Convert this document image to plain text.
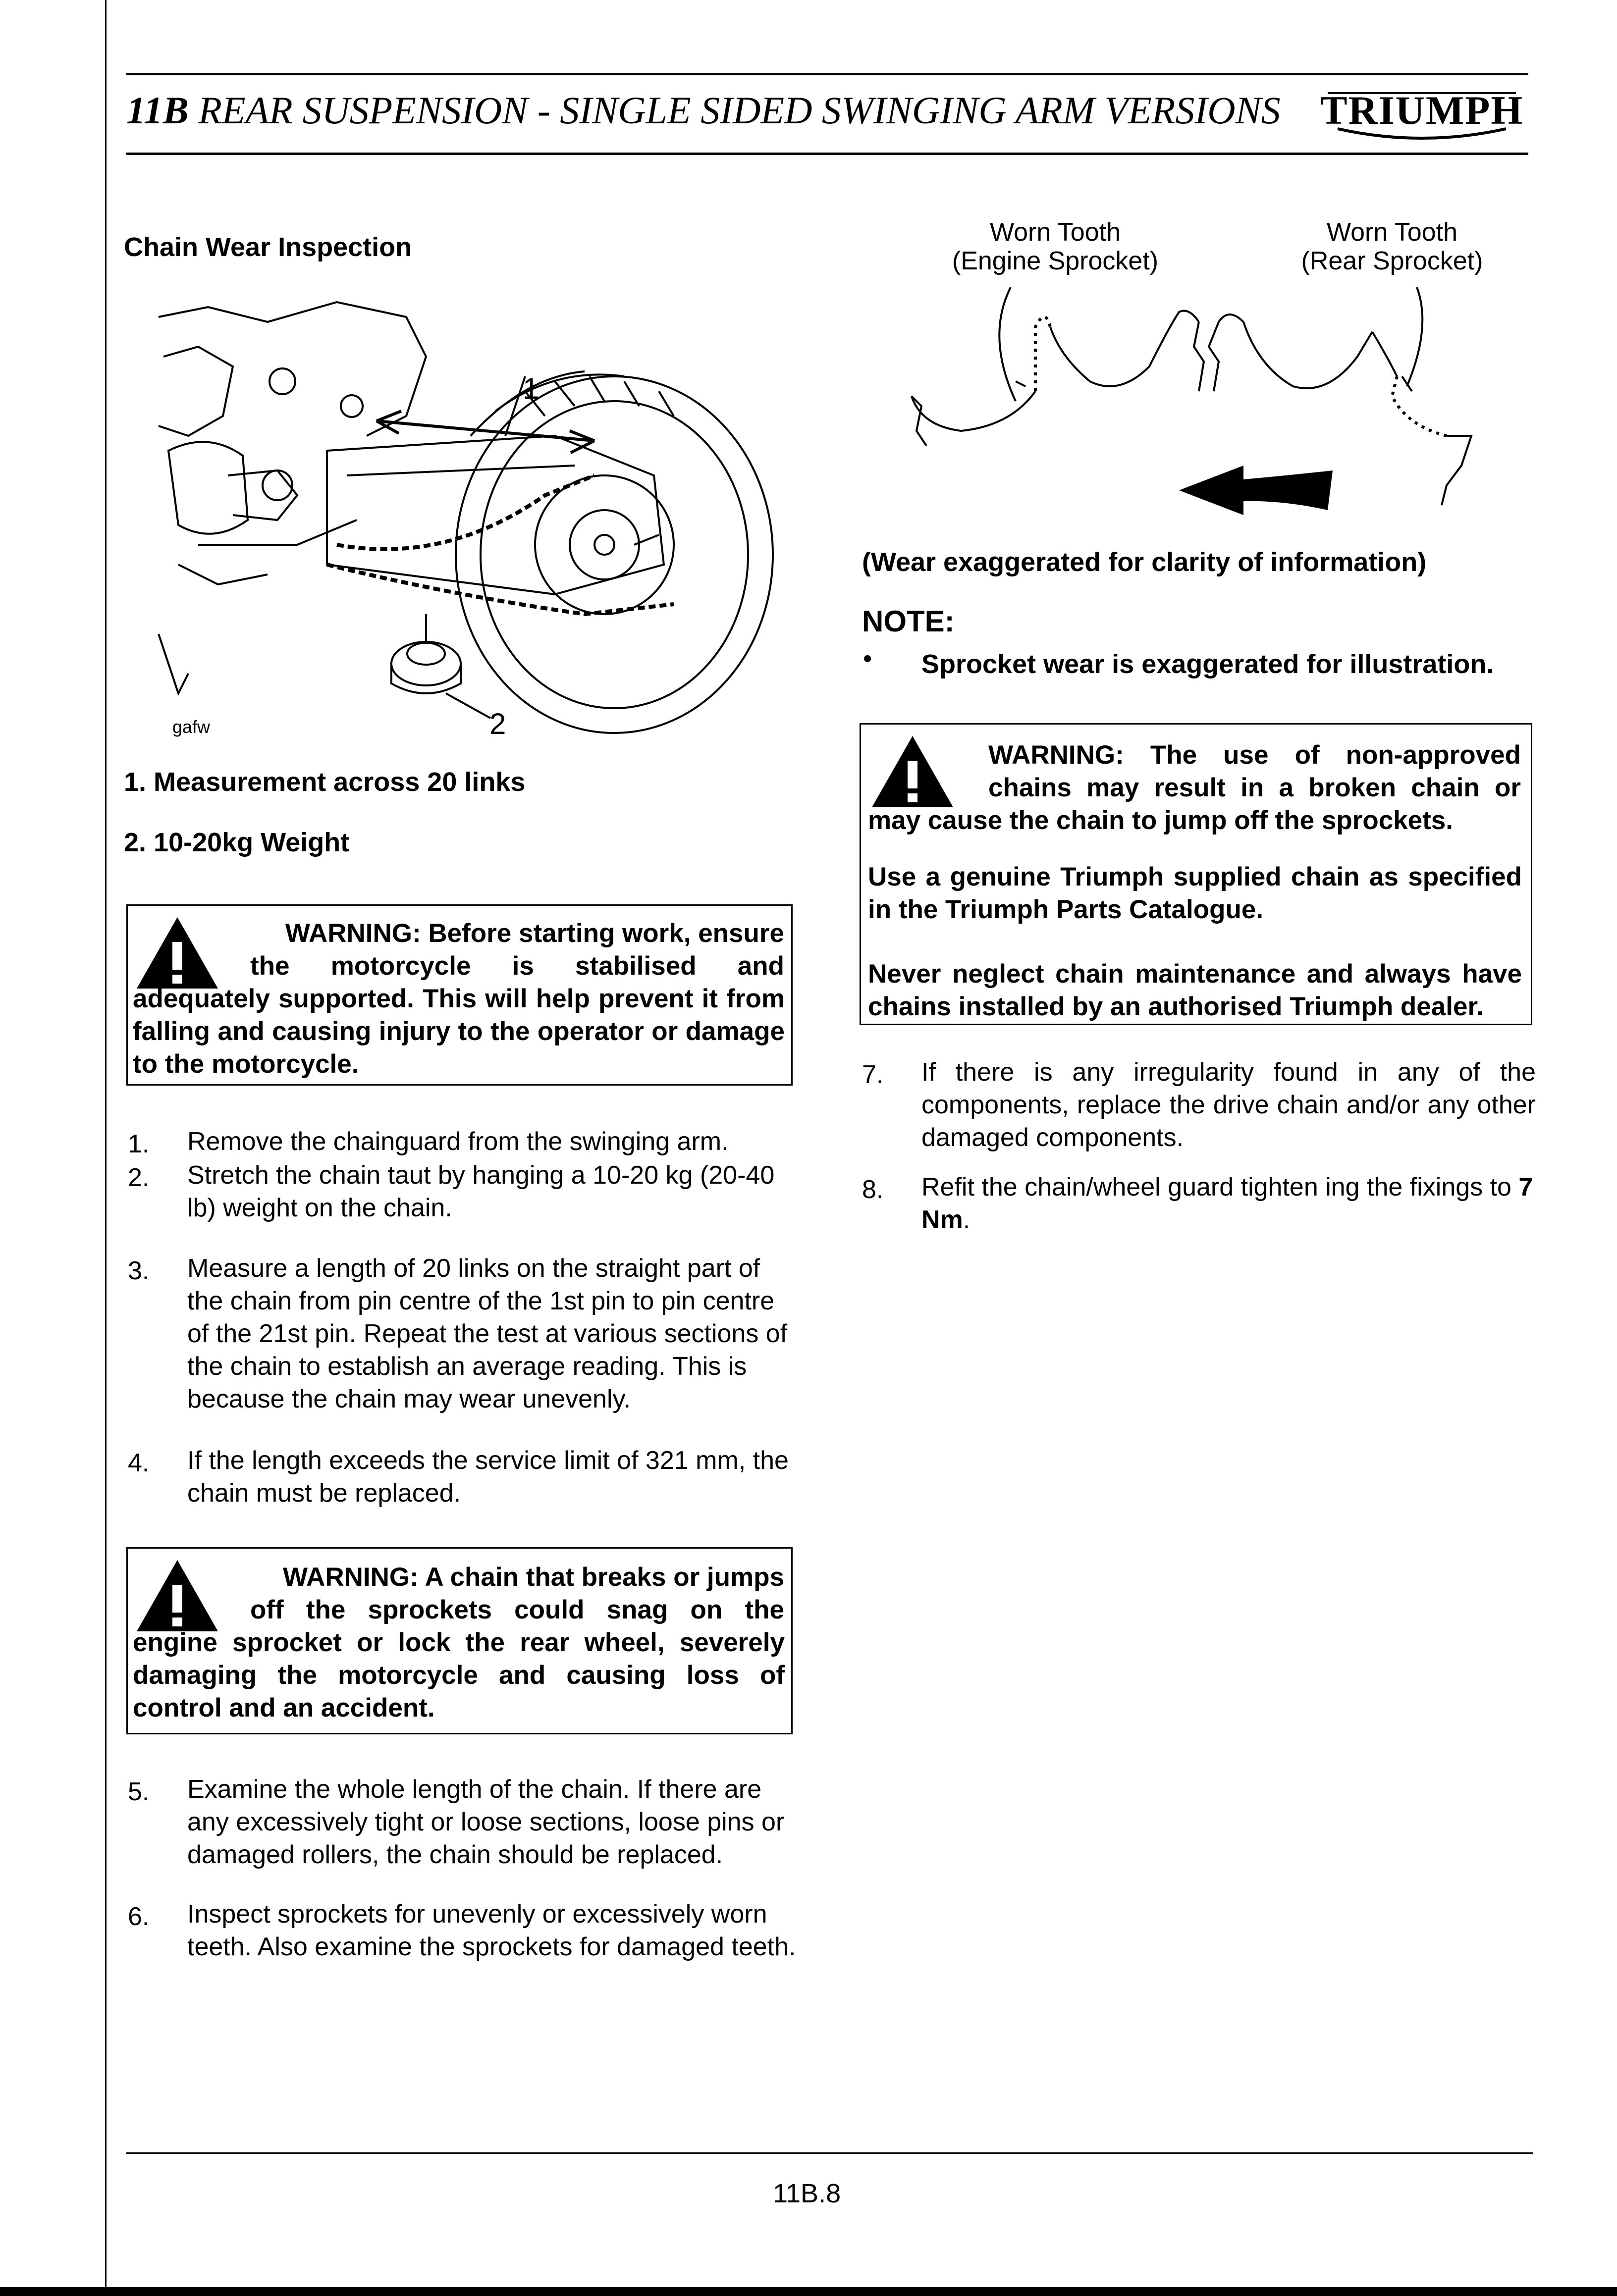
11B REAR SUSPENSION - SINGLE SIDED SWINGING ARM VERSIONS TRIUMPH
Chain Wear Inspection
1
2
gafw
1. Measurement across 20 links
2. 10-20kg Weight
WARNING: Before starting work, ensure
the motorcycle is stabilised and
adequately supported. This will help prevent it from falling and causing injury to the operator or damage to the motorcycle.
1. Remove the chainguard from the swinging arm.
2. Stretch the chain taut by hanging a 10-20 kg (20-40 lb) weight on the chain.
3. Measure a length of 20 links on the straight part of the chain from pin centre of the 1st pin to pin centre of the 21st pin. Repeat the test at various sections of the chain to establish an average reading. This is because the chain may wear unevenly.
4. If the length exceeds the service limit of 321 mm, the chain must be replaced.
WARNING: A chain that breaks or jumps
off the sprockets could snag on the
engine sprocket or lock the rear wheel, severely damaging the motorcycle and causing loss of control and an accident.
5. Examine the whole length of the chain. If there are any excessively tight or loose sections, loose pins or damaged rollers, the chain should be replaced.
6. Inspect sprockets for unevenly or excessively worn teeth. Also examine the sprockets for damaged teeth.
Worn Tooth
(Engine Sprocket)
Worn Tooth
(Rear Sprocket)
(Wear exaggerated for clarity of information)
NOTE:
• Sprocket wear is exaggerated for illustration.
WARNING: The use of non-approved
chains may result in a broken chain or
may cause the chain to jump off the sprockets.
Use a genuine Triumph supplied chain as specified in the Triumph Parts Catalogue.
Never neglect chain maintenance and always have chains installed by an authorised Triumph dealer.
7. If there is any irregularity found in any of the components, replace the drive chain and/or any other damaged components.
8. Refit the chain/wheel guard tighten ing the fixings to 7 Nm.
11B.8
